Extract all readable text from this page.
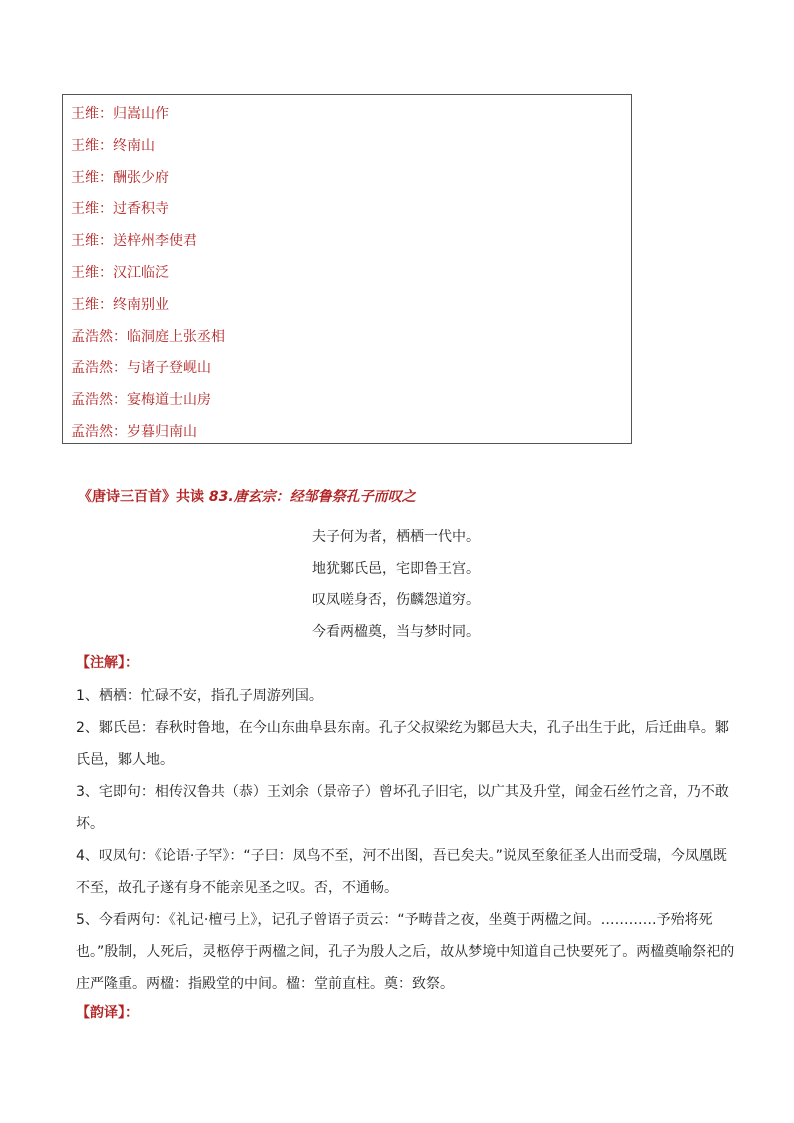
王维：归嵩山作
王维：终南山
王维：酬张少府
王维：过香积寺
王维：送梓州李使君
王维：汉江临泛
王维：终南别业
孟浩然：临洞庭上张丞相
孟浩然：与诸子登岘山
孟浩然：宴梅道士山房
孟浩然：岁暮归南山
《唐诗三百首》共读 83.唐玄宗：经邹鲁祭孔子而叹之
夫子何为者，栖栖一代中。
地犹鄹氏邑，宅即鲁王宫。
叹凤嗟身否，伤麟怨道穷。
今看两楹奠，当与梦时同。
【注解】：

1、栖栖：忙碌不安，指孔子周游列国。

2、鄹氏邑：春秋时鲁地，在今山东曲阜县东南。孔子父叔梁纥为鄹邑大夫，孔子出生于此，后迁曲阜。鄹氏邑，鄹人地。

3、宅即句：相传汉鲁共（恭）王刘余（景帝子）曾坏孔子旧宅，以广其及升堂，闻金石丝竹之音，乃不敢坏。

4、叹凤句：《论语·子罕》：“子曰：凤鸟不至，河不出图，吾已矣夫。”说凤至象征圣人出而受瑞，今凤凰既不至，故孔子遂有身不能亲见圣之叹。否，不通畅。

5、今看两句：《礼记·檀弓上》，记孔子曾语子贡云：“予畴昔之夜，坐奠于两楹之间。…………予殆将死也。”殷制，人死后，灵柩停于两楹之间，孔子为殷人之后，故从梦境中知道自己快要死了。两楹奠喻祭祀的庄严隆重。两楹：指殿堂的中间。楹：堂前直柱。奠：致祭。

【韵译】：
